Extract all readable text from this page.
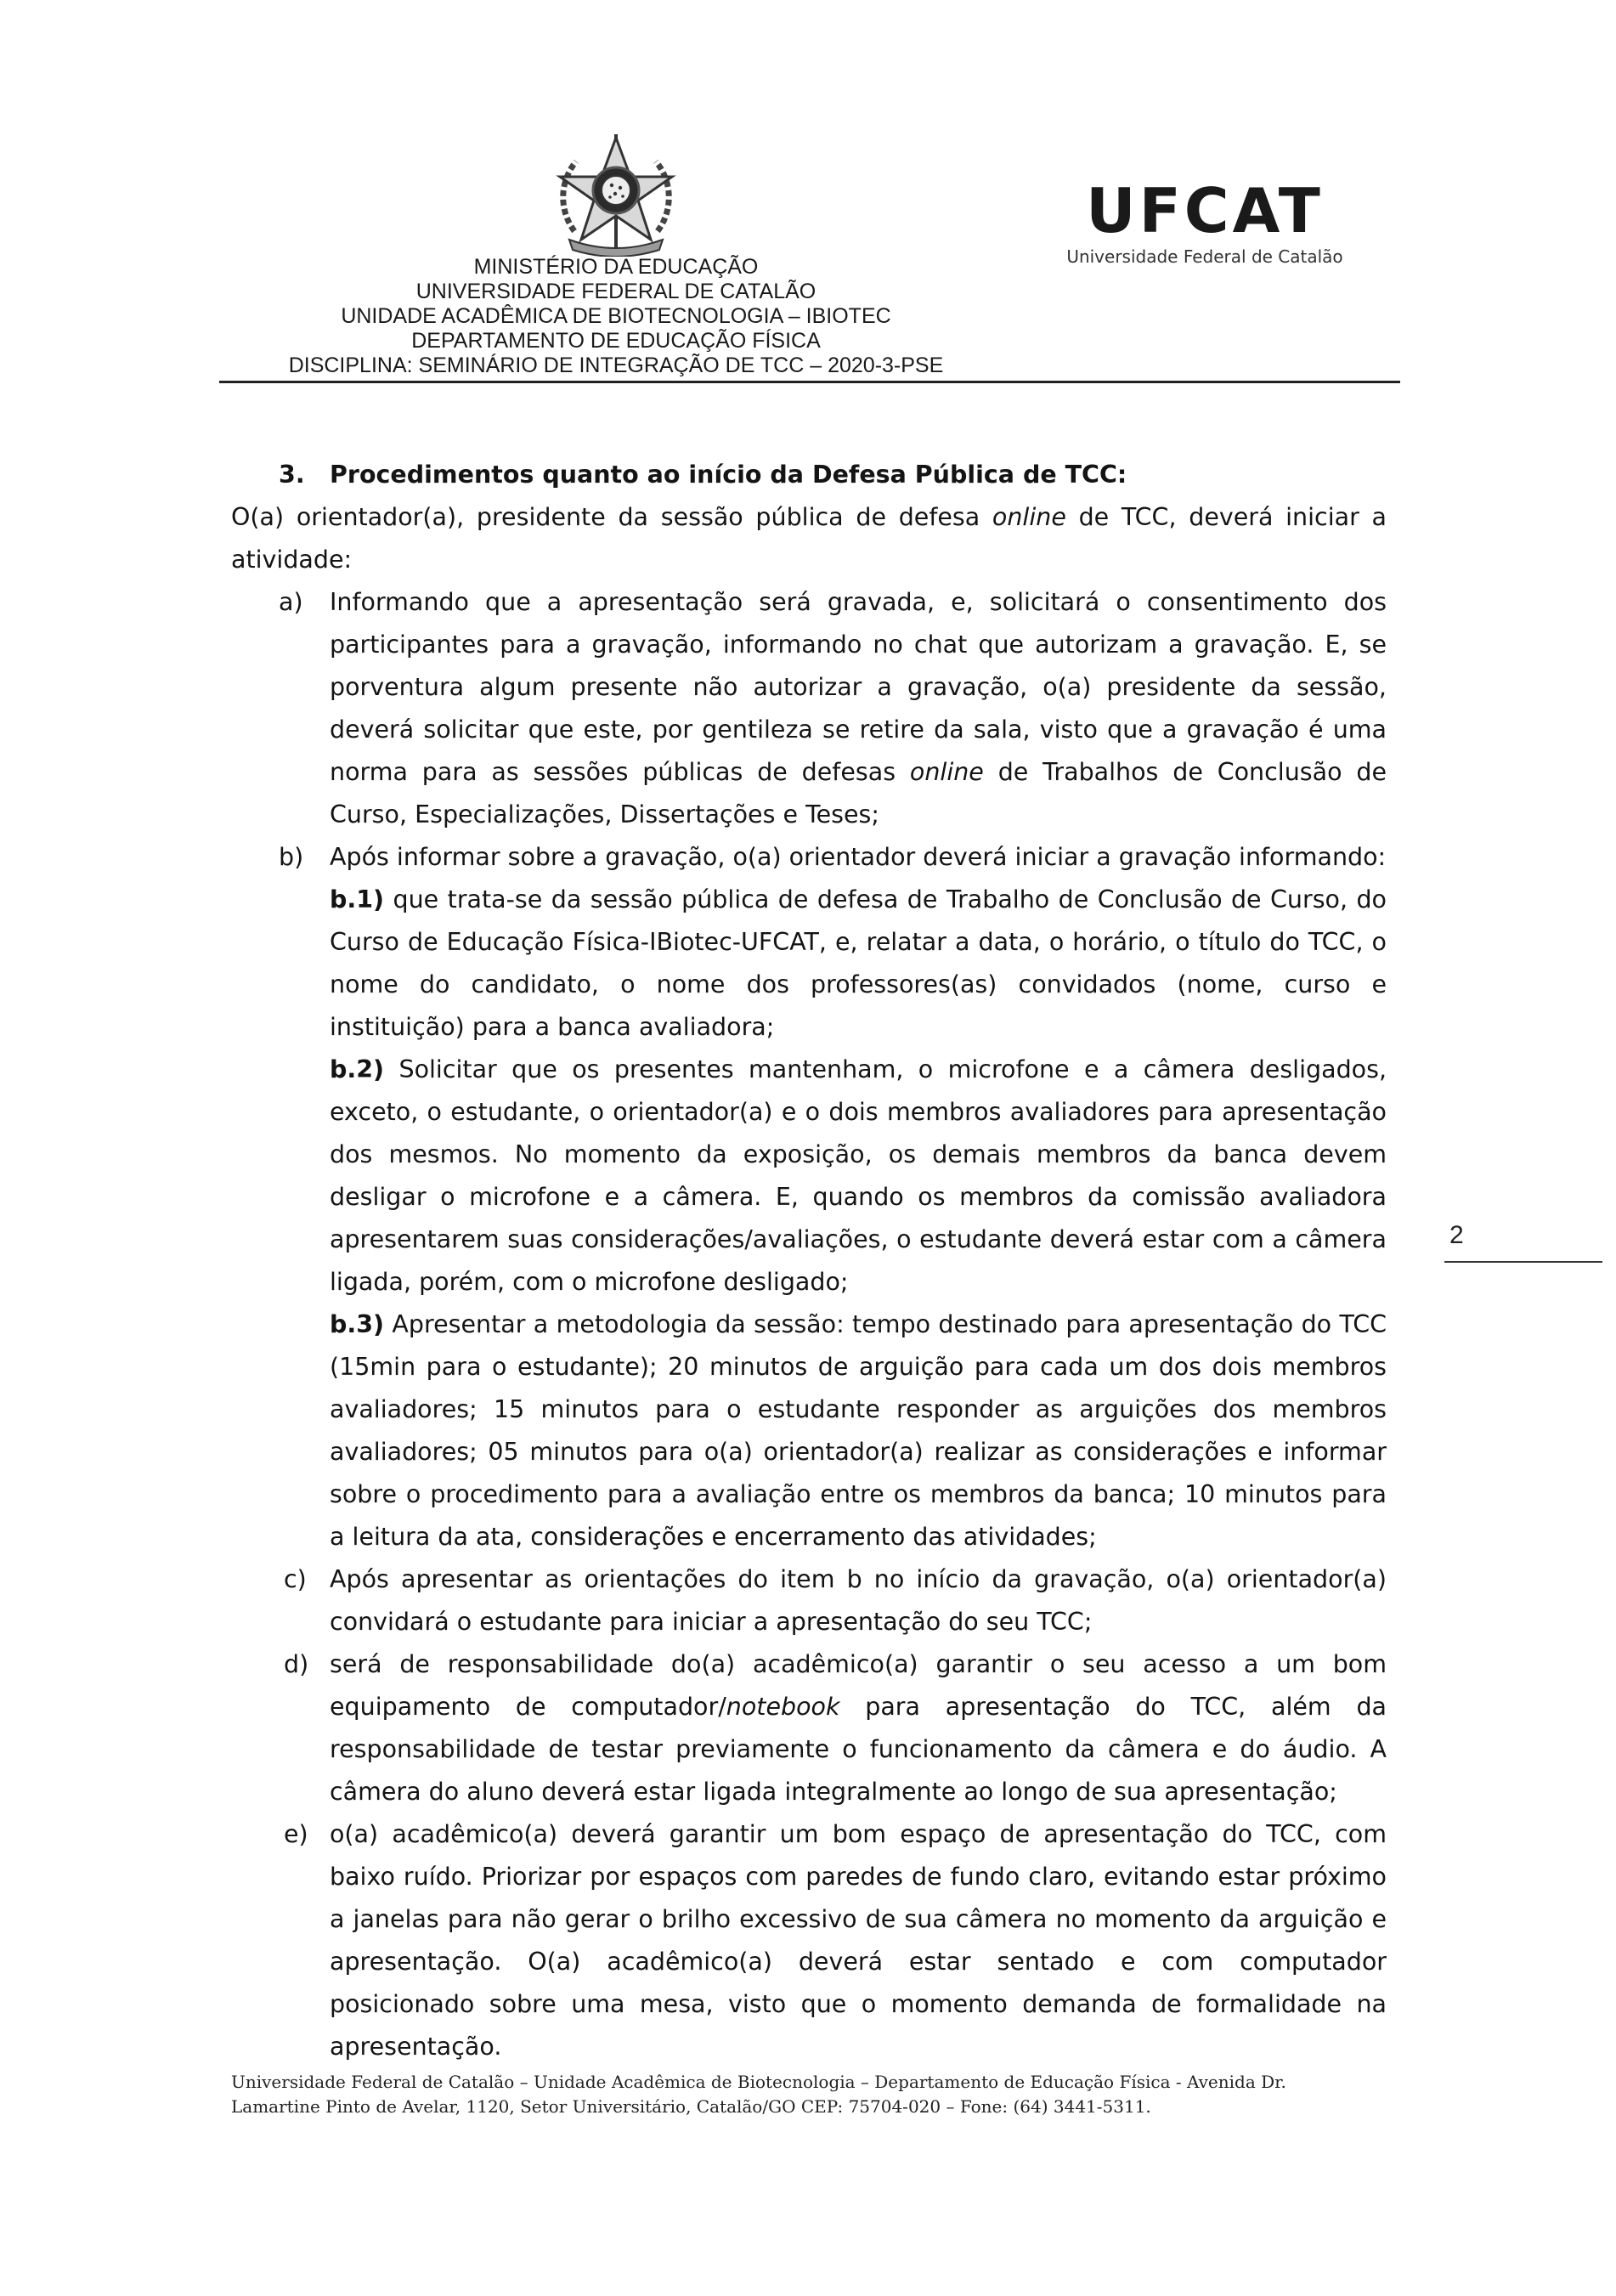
MINISTÉRIO DA EDUCAÇÃO
UNIVERSIDADE FEDERAL DE CATALÃO
UNIDADE ACADÊMICA DE BIOTECNOLOGIA – IBIOTEC
DEPARTAMENTO DE EDUCAÇÃO FÍSICA
DISCIPLINA: SEMINÁRIO DE INTEGRAÇÃO DE TCC – 2020-3-PSE
UFCAT
Universidade Federal de Catalão

3. Procedimentos quanto ao início da Defesa Pública de TCC:

O(a) orientador(a), presidente da sessão pública de defesa online de TCC, deverá iniciar a atividade:

a) Informando que a apresentação será gravada, e, solicitará o consentimento dos participantes para a gravação, informando no chat que autorizam a gravação. E, se porventura algum presente não autorizar a gravação, o(a) presidente da sessão, deverá solicitar que este, por gentileza se retire da sala, visto que a gravação é uma norma para as sessões públicas de defesas online de Trabalhos de Conclusão de Curso, Especializações, Dissertações e Teses;

b) Após informar sobre a gravação, o(a) orientador deverá iniciar a gravação informando:

b.1) que trata-se da sessão pública de defesa de Trabalho de Conclusão de Curso, do Curso de Educação Física-IBiotec-UFCAT, e, relatar a data, o horário, o título do TCC, o nome do candidato, o nome dos professores(as) convidados (nome, curso e instituição) para a banca avaliadora;

b.2) Solicitar que os presentes mantenham, o microfone e a câmera desligados, exceto, o estudante, o orientador(a) e o dois membros avaliadores para apresentação dos mesmos. No momento da exposição, os demais membros da banca devem desligar o microfone e a câmera. E, quando os membros da comissão avaliadora apresentarem suas considerações/avaliações, o estudante deverá estar com a câmera ligada, porém, com o microfone desligado;

b.3) Apresentar a metodologia da sessão: tempo destinado para apresentação do TCC (15min para o estudante); 20 minutos de arguição para cada um dos dois membros avaliadores; 15 minutos para o estudante responder as arguições dos membros avaliadores; 05 minutos para o(a) orientador(a) realizar as considerações e informar sobre o procedimento para a avaliação entre os membros da banca; 10 minutos para a leitura da ata, considerações e encerramento das atividades;

c) Após apresentar as orientações do item b no início da gravação, o(a) orientador(a) convidará o estudante para iniciar a apresentação do seu TCC;

d) será de responsabilidade do(a) acadêmico(a) garantir o seu acesso a um bom equipamento de computador/notebook para apresentação do TCC, além da responsabilidade de testar previamente o funcionamento da câmera e do áudio. A câmera do aluno deverá estar ligada integralmente ao longo de sua apresentação;

e) o(a) acadêmico(a) deverá garantir um bom espaço de apresentação do TCC, com baixo ruído. Priorizar por espaços com paredes de fundo claro, evitando estar próximo a janelas para não gerar o brilho excessivo de sua câmera no momento da arguição e apresentação. O(a) acadêmico(a) deverá estar sentado e com computador posicionado sobre uma mesa, visto que o momento demanda de formalidade na apresentação.

2
Universidade Federal de Catalão – Unidade Acadêmica de Biotecnologia – Departamento de Educação Física - Avenida Dr.
Lamartine Pinto de Avelar, 1120, Setor Universitário, Catalão/GO CEP: 75704-020 – Fone: (64) 3441-5311.
